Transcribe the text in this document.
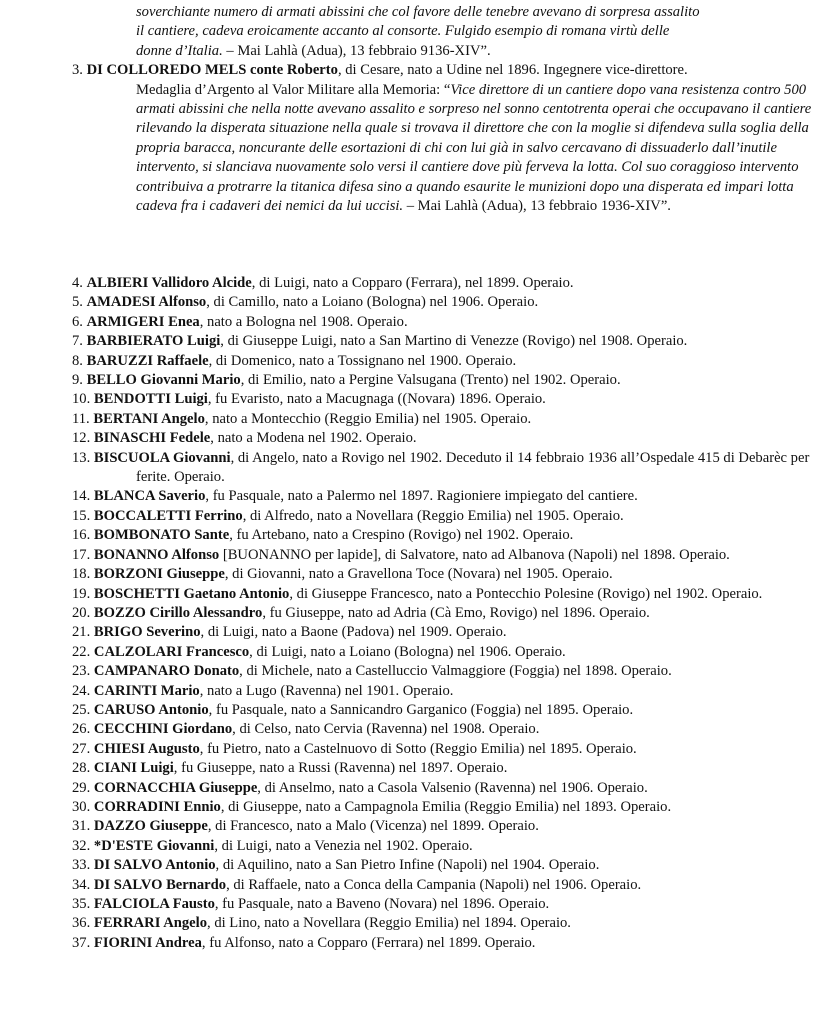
soverchiante numero di armati abissini che col favore delle tenebre avevano di sorpresa assalito
il cantiere, cadeva eroicamente accanto al consorte. Fulgido esempio di romana virtù delle
donne d’Italia. – Mai Lahlà (Adua), 13 febbraio 9136-XIV”.

3. DI COLLOREDO MELS conte Roberto, di Cesare, nato a Udine nel 1896. Ingegnere vice-direttore.
Medaglia d’Argento al Valor Militare alla Memoria: “Vice direttore di un cantiere dopo vana resistenza contro 500 armati abissini che nella notte avevano assalito e sorpreso nel sonno centotrenta operai che occupavano il cantiere rilevando la disperata situazione nella quale si trovava il direttore che con la moglie si difendeva sulla soglia della propria baracca, noncurante delle esortazioni di chi con lui già in salvo cercavano di dissuaderlo dall’inutile intervento, si slanciava nuovamente solo versi il cantiere dove più ferveva la lotta. Col suo coraggioso intervento contribuiva a protrarre la titanica difesa sino a quando esaurite le munizioni dopo una disperata ed impari lotta cadeva fra i cadaveri dei nemici da lui uccisi. – Mai Lahlà (Adua), 13 febbraio 1936-XIV”.

4. ALBIERI Vallidoro Alcide, di Luigi, nato a Copparo (Ferrara), nel 1899. Operaio.

5. AMADESI Alfonso, di Camillo, nato a Loiano (Bologna) nel 1906. Operaio.

6. ARMIGERI Enea, nato a Bologna nel 1908. Operaio.

7. BARBIERATO Luigi, di Giuseppe Luigi, nato a San Martino di Venezze (Rovigo) nel 1908. Operaio.

8. BARUZZI Raffaele, di Domenico, nato a Tossignano nel 1900. Operaio.

9. BELLO Giovanni Mario, di Emilio, nato a Pergine Valsugana (Trento) nel 1902. Operaio.

10. BENDOTTI Luigi, fu Evaristo, nato a Macugnaga ((Novara) 1896. Operaio.

11. BERTANI Angelo, nato a Montecchio (Reggio Emilia) nel 1905. Operaio.

12. BINASCHI Fedele, nato a Modena nel 1902. Operaio.

13. BISCUOLA Giovanni, di Angelo, nato a Rovigo nel 1902. Deceduto il 14 febbraio 1936 all’Ospedale 415 di Debarèc per ferite. Operaio.

14. BLANCA Saverio, fu Pasquale, nato a Palermo nel 1897. Ragioniere impiegato del cantiere.

15. BOCCALETTI Ferrino, di Alfredo, nato a Novellara (Reggio Emilia) nel 1905. Operaio.

16. BOMBONATO Sante, fu Artebano, nato a Crespino (Rovigo) nel 1902. Operaio.

17. BONANNO Alfonso [BUONANNO per lapide], di Salvatore, nato ad Albanova (Napoli) nel 1898. Operaio.

18. BORZONI Giuseppe, di Giovanni, nato a Gravellona Toce (Novara) nel 1905. Operaio.

19. BOSCHETTI Gaetano Antonio, di Giuseppe Francesco, nato a Pontecchio Polesine (Rovigo) nel 1902. Operaio.

20. BOZZO Cirillo Alessandro, fu Giuseppe, nato ad Adria (Cà Emo, Rovigo) nel 1896. Operaio.

21. BRIGO Severino, di Luigi, nato a Baone (Padova) nel 1909. Operaio.

22. CALZOLARI Francesco, di Luigi, nato a Loiano (Bologna) nel 1906. Operaio.

23. CAMPANARO Donato, di Michele, nato a Castelluccio Valmaggiore (Foggia) nel 1898. Operaio.

24. CARINTI Mario, nato a Lugo (Ravenna) nel 1901. Operaio.

25. CARUSO Antonio, fu Pasquale, nato a Sannicandro Garganico (Foggia) nel 1895. Operaio.

26. CECCHINI Giordano, di Celso, nato Cervia (Ravenna) nel 1908. Operaio.

27. CHIESI Augusto, fu Pietro, nato a Castelnuovo di Sotto (Reggio Emilia) nel 1895. Operaio.

28. CIANI Luigi, fu Giuseppe, nato a Russi (Ravenna) nel 1897. Operaio.

29. CORNACCHIA Giuseppe, di Anselmo, nato a Casola Valsenio (Ravenna) nel 1906. Operaio.

30. CORRADINI Ennio, di Giuseppe, nato a Campagnola Emilia (Reggio Emilia) nel 1893. Operaio.

31. DAZZO Giuseppe, di Francesco, nato a Malo (Vicenza) nel 1899. Operaio.

32. *D'ESTE Giovanni, di Luigi, nato a Venezia nel 1902. Operaio.

33. DI SALVO Antonio, di Aquilino, nato a San Pietro Infine (Napoli) nel 1904. Operaio.

34. DI SALVO Bernardo, di Raffaele, nato a Conca della Campania (Napoli) nel 1906. Operaio.

35. FALCIOLA Fausto, fu Pasquale, nato a Baveno (Novara) nel 1896. Operaio.

36. FERRARI Angelo, di Lino, nato a Novellara (Reggio Emilia) nel 1894. Operaio.

37. FIORINI Andrea, fu Alfonso, nato a Copparo (Ferrara) nel 1899. Operaio.
